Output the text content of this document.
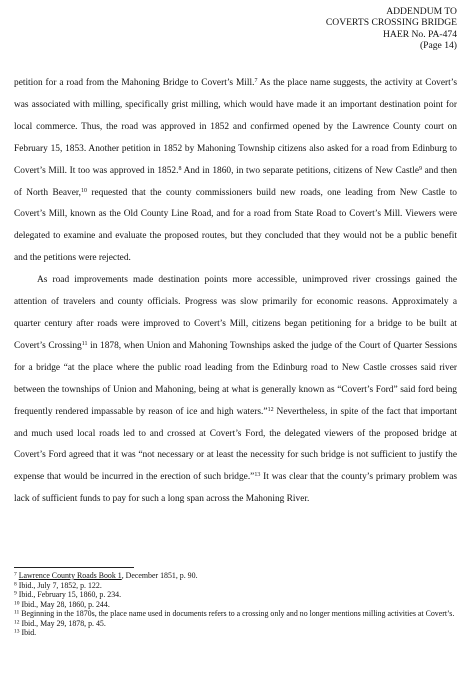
ADDENDUM TO
COVERTS CROSSING BRIDGE
HAER No. PA-474
(Page 14)

petition for a road from the Mahoning Bridge to Covert’s Mill.$^7$ As the place name suggests, the activity at Covert’s was associated with milling, specifically grist milling, which would have made it an important destination point for local commerce. Thus, the road was approved in 1852 and confirmed opened by the Lawrence County court on February 15, 1853. Another petition in 1852 by Mahoning Township citizens also asked for a road from Edinburg to Covert’s Mill. It too was approved in 1852.$^8$ And in 1860, in two separate petitions, citizens of New Castle$^9$ and then of North Beaver,$^{10}$ requested that the county commissioners build new roads, one leading from New Castle to Covert’s Mill, known as the Old County Line Road, and for a road from State Road to Covert’s Mill. Viewers were delegated to examine and evaluate the proposed routes, but they concluded that they would not be a public benefit and the petitions were rejected.

As road improvements made destination points more accessible, unimproved river crossings gained the attention of travelers and county officials. Progress was slow primarily for economic reasons. Approximately a quarter century after roads were improved to Covert’s Mill, citizens began petitioning for a bridge to be built at Covert’s Crossing$^{11}$ in 1878, when Union and Mahoning Townships asked the judge of the Court of Quarter Sessions for a bridge “at the place where the public road leading from the Edinburg road to New Castle crosses said river between the townships of Union and Mahoning, being at what is generally known as “Covert’s Ford” said ford being frequently rendered impassable by reason of ice and high waters.”$^{12}$ Nevertheless, in spite of the fact that important and much used local roads led to and crossed at Covert’s Ford, the delegated viewers of the proposed bridge at Covert’s Ford agreed that it was “not necessary or at least the necessity for such bridge is not sufficient to justify the expense that would be incurred in the erection of such bridge.”$^{13}$ It was clear that the county’s primary problem was lack of sufficient funds to pay for such a long span across the Mahoning River.

$^7$ Lawrence County Roads Book 1, December 1851, p. 90.

$^8$ Ibid., July 7, 1852, p. 122.

$^9$ Ibid., February 15, 1860, p. 234.

$^{10}$ Ibid., May 28, 1860, p. 244.

$^{11}$ Beginning in the 1870s, the place name used in documents refers to a crossing only and no longer mentions milling activities at Covert’s.

$^{12}$ Ibid., May 29, 1878, p. 45.

$^{13}$ Ibid.
